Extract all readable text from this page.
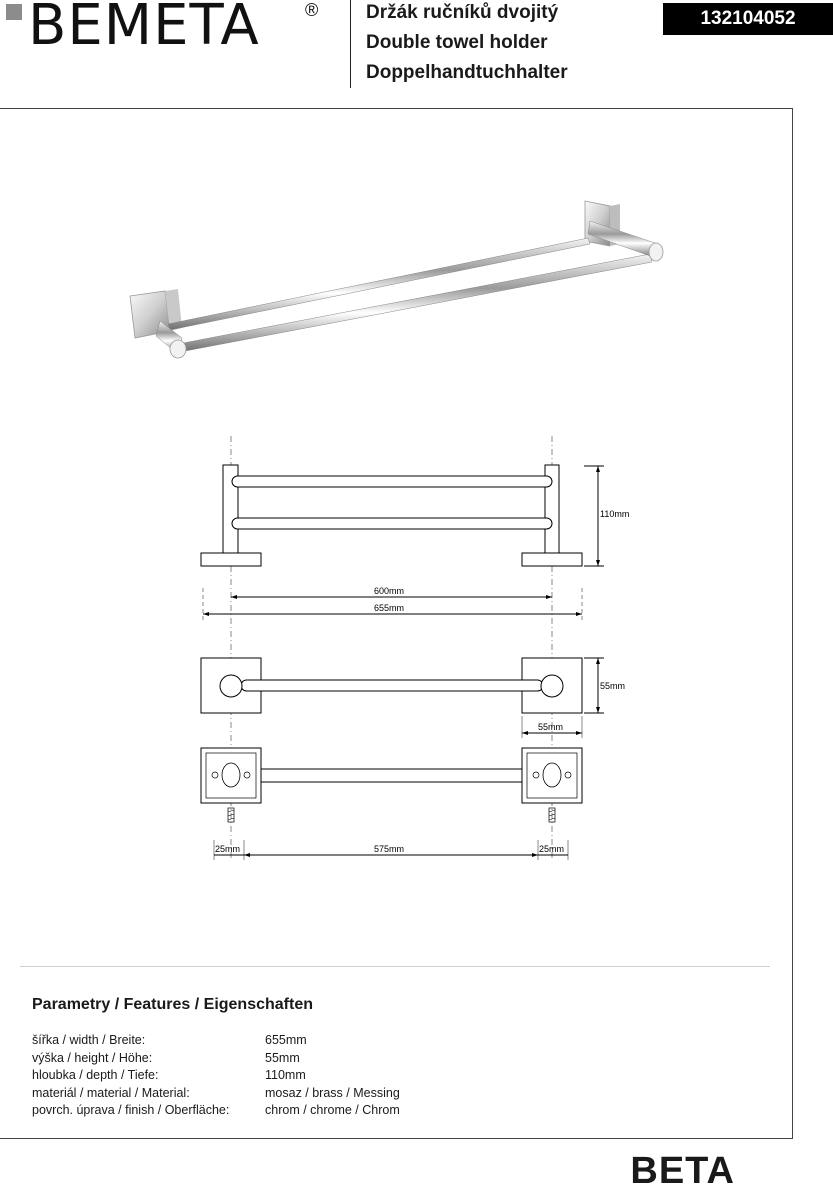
BEMETA	®	Držák ručníků dvojitý
Double towel holder
Doppelhandtuchhalter
132104052
110mm
600mm
655mm
55mm
55mm
25mm	575mm	25mm
Parametry / Features / Eigenschaften
šířka / width / Breite:	655mm
výška / height / Höhe:	55mm
hloubka / depth / Tiefe:	110mm
materiál / material / Material:	mosaz / brass / Messing
povrch. úprava / finish / Oberfläche:	chrom / chrome / Chrom
BETA
